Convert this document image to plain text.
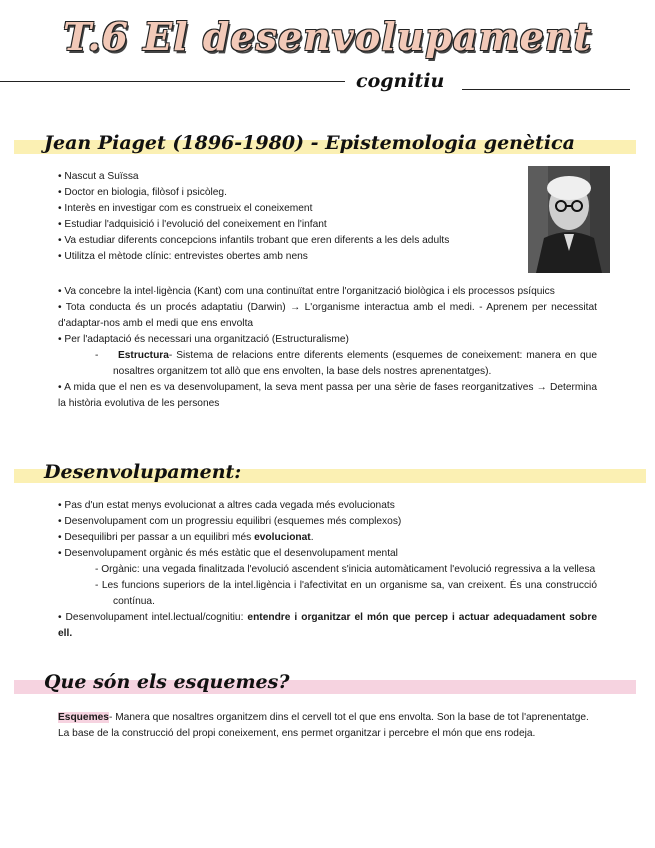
T.6 El desenvolupament
cognitiu
Jean Piaget (1896-1980) - Epistemologia genètica

• Nascut a Suïssa

• Doctor en biologia, filòsof i psicòleg.

• Interès en investigar com es construeix el coneixement

• Estudiar l'adquisició i l'evolució del coneixement en l'infant

• Va estudiar diferents concepcions infantils trobant que eren diferents a les dels adults

• Utilitza el mètode clínic: entrevistes obertes amb nens

• Va concebre la intel·ligència (Kant) com una continuïtat entre l'organització biològica i els processos psíquics

• Tota conducta és un procés adaptatiu (Darwin) → L'organisme interactua amb el medi. - Aprenem per necessitat d'adaptar-nos amb el medi que ens envolta

• Per l'adaptació és necessari una organització (Estructuralisme)

- Estructura- Sistema de relacions entre diferents elements (esquemes de coneixement: manera en que nosaltres organitzem tot allò que ens envolten, la base dels nostres aprenentatges).

• A mida que el nen es va desenvolupament, la seva ment passa per una sèrie de fases reorganitzatives → Determina la història evolutiva de les persones

Desenvolupament:

• Pas d'un estat menys evolucionat a altres cada vegada més evolucionats

• Desenvolupament com un progressiu equilibri (esquemes més complexos)

• Desequilibri per passar a un equilibri més evolucionat.

• Desenvolupament orgànic és més estàtic que el desenvolupament mental

- Orgànic: una vegada finalitzada l'evolució ascendent s'inicia automàticament l'evolució regressiva a la vellesa

- Les funcions superiors de la intel.ligència i l'afectivitat en un organisme sa, van creixent. És una construcció contínua.

• Desenvolupament intel.lectual/cognitiu: entendre i organitzar el món que percep i actuar adequadament sobre ell.

Que són els esquemes?

Esquemes- Manera que nosaltres organitzem dins el cervell tot el que ens envolta. Son la base de tot l'aprenentatge.

La base de la construcció del propi coneixement, ens permet organitzar i percebre el món que ens rodeja.
